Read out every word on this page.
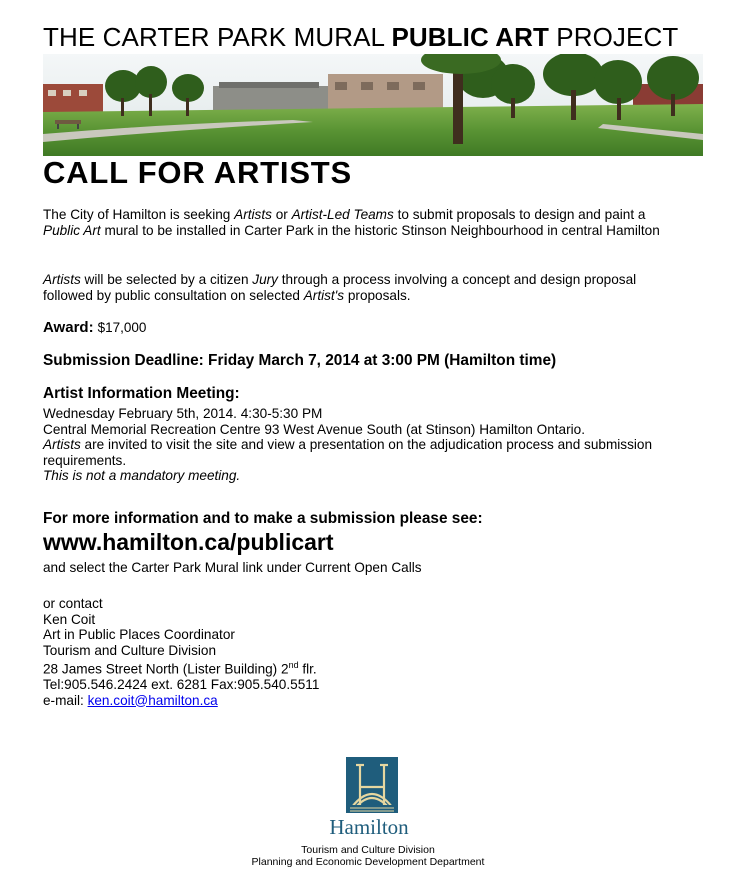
THE CARTER PARK MURAL PUBLIC ART PROJECT
CALL FOR ARTISTS
The City of Hamilton is seeking Artists or Artist-Led Teams to submit proposals to design and paint a Public Art mural to be installed in Carter Park in the historic Stinson Neighbourhood in central Hamilton
Artists will be selected by a citizen Jury through a process involving a concept and design proposal followed by public consultation on selected Artist's proposals.
Award: $17,000
Submission Deadline: Friday March 7, 2014 at 3:00 PM (Hamilton time)
Artist Information Meeting:
Wednesday February 5th, 2014. 4:30-5:30 PM
Central Memorial Recreation Centre 93 West Avenue South (at Stinson) Hamilton Ontario.
Artists are invited to visit the site and view a presentation on the adjudication process and submission requirements.
This is not a mandatory meeting.
For more information and to make a submission please see:
www.hamilton.ca/publicart
and select the Carter Park Mural link under Current Open Calls
or contact
Ken Coit
Art in Public Places Coordinator
Tourism and Culture Division
28 James Street North (Lister Building) 2nd flr.
Tel:905.546.2424 ext. 6281 Fax:905.540.5511
e-mail: ken.coit@hamilton.ca
Hamilton
Tourism and Culture Division
Planning and Economic Development Department
